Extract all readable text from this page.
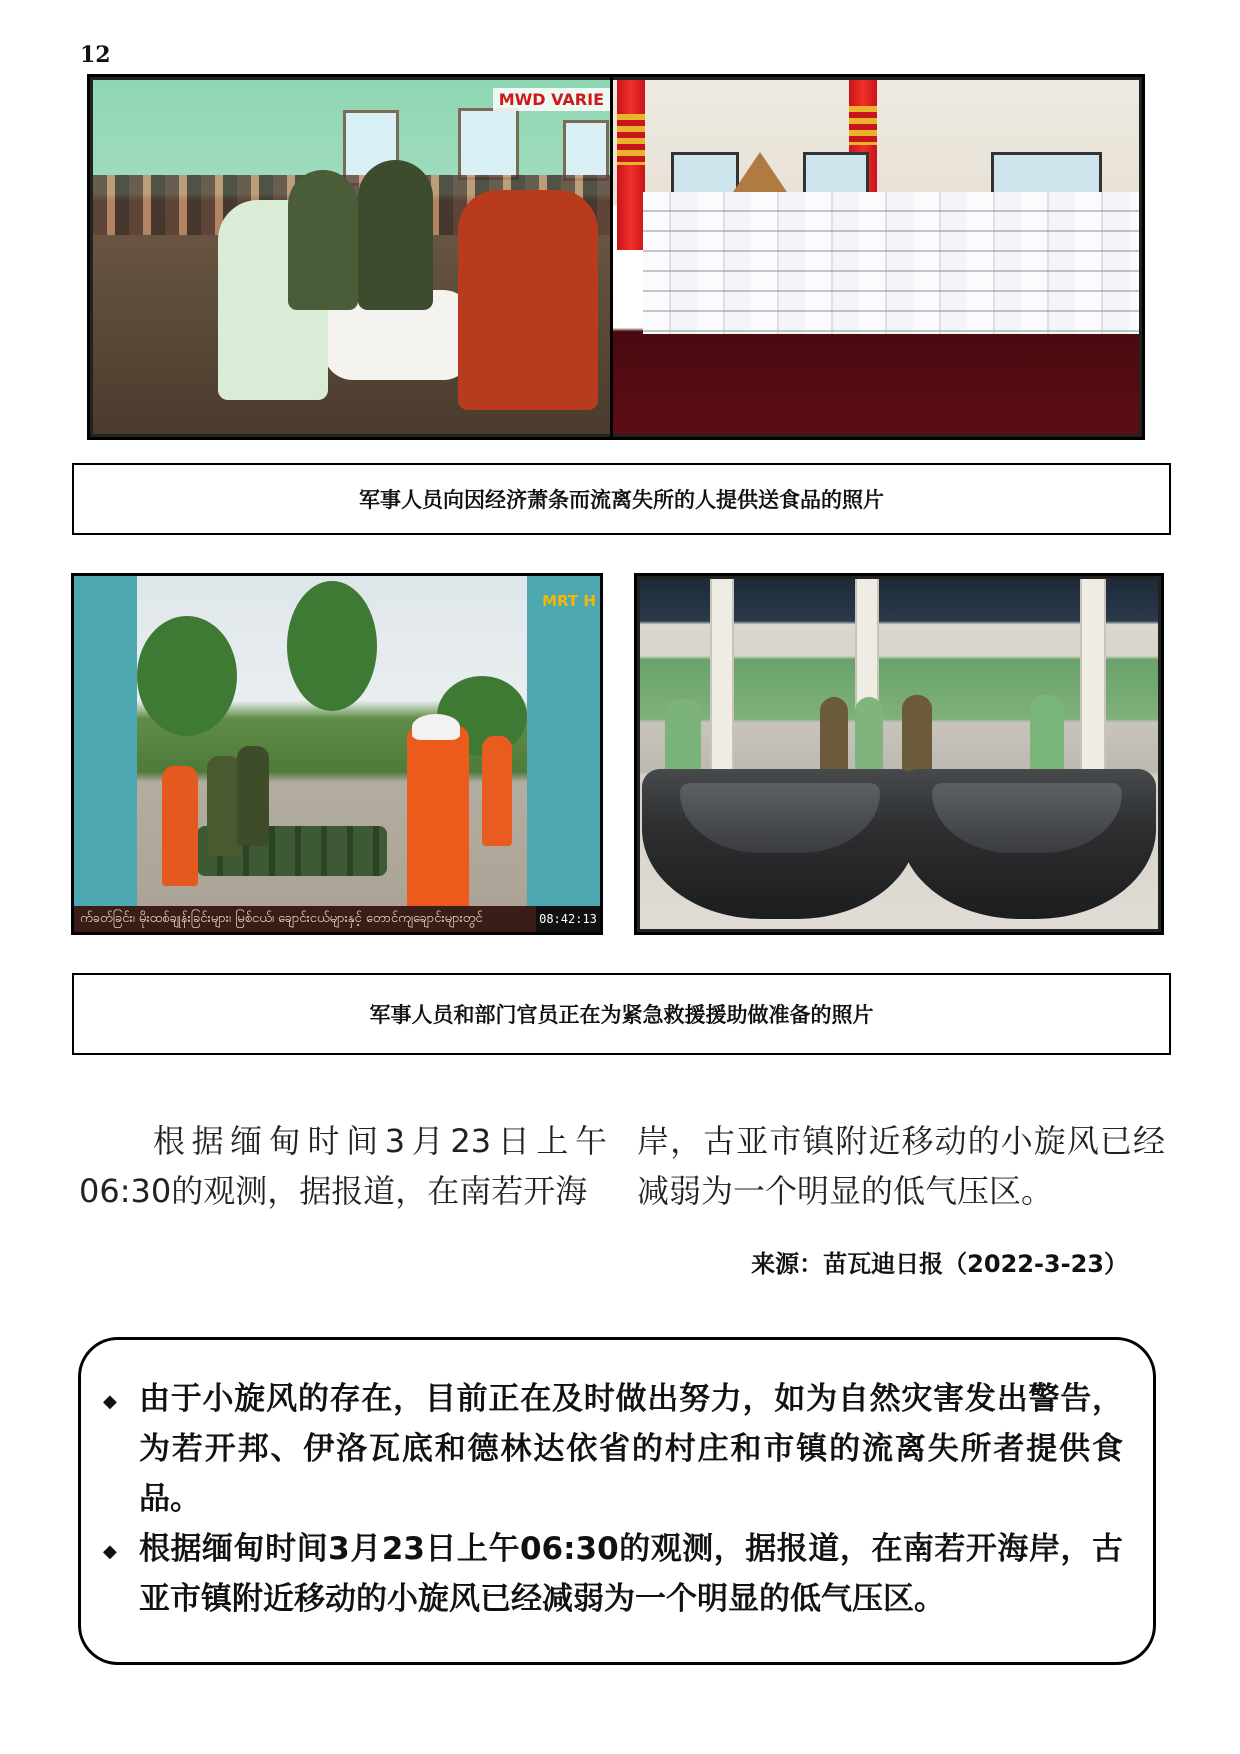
12
MWD VARIE
军事人员向因经济萧条而流离失所的人提供送食品的照片
MRT H
က်ခတ်ခြင်း၊ မိုးထစ်ချုန်းခြင်းများ၊ မြစ်ငယ်၊ ချောင်းငယ်များနှင့် တောင်ကျချောင်းများတွင်	08:42:13
军事人员和部门官员正在为紧急救援援助做准备的照片
根据缅甸时间3月23日上午06:30的观测，据报道，在南若开海
岸，古亚市镇附近移动的小旋风已经减弱为一个明显的低气压区。
来源：苗瓦迪日报（2022-3-23）
◆ 由于小旋风的存在，目前正在及时做出努力，如为自然灾害发出警告，为若开邦、伊洛瓦底和德林达依省的村庄和市镇的流离失所者提供食品。
◆ 根据缅甸时间3月23日上午06:30的观测，据报道，在南若开海岸，古亚市镇附近移动的小旋风已经减弱为一个明显的低气压区。
